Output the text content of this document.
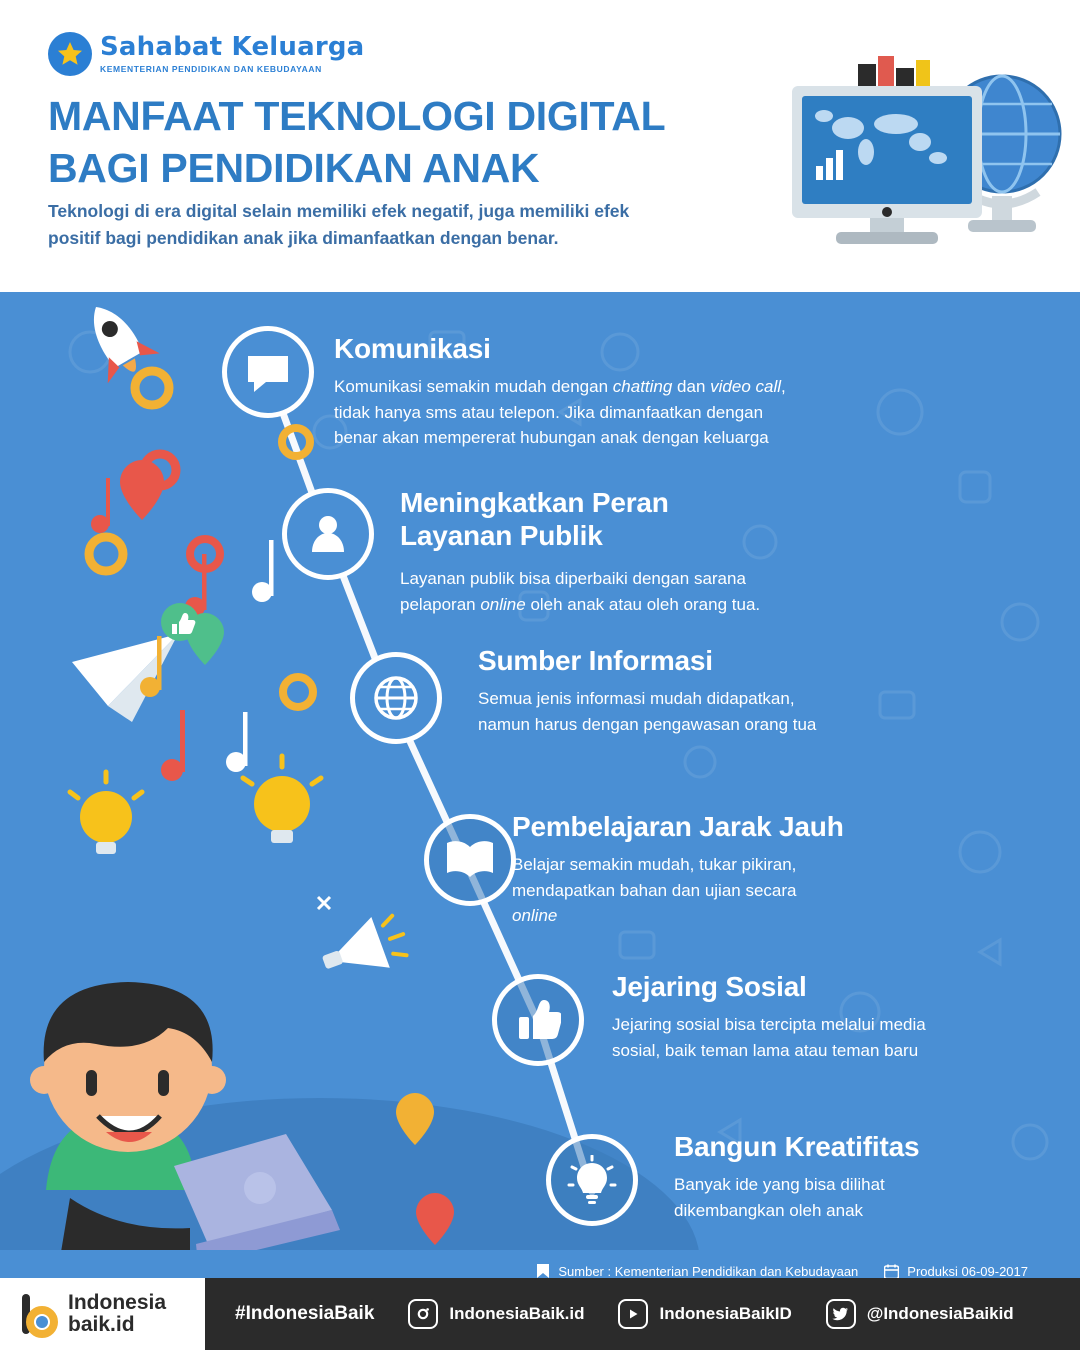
Sahabat Keluarga
KEMENTERIAN PENDIDIKAN DAN KEBUDAYAAN
MANFAAT TEKNOLOGI DIGITAL

BAGI PENDIDIKAN ANAK
Teknologi di era digital selain memiliki efek negatif, juga memiliki efek positif bagi pendidikan anak jika dimanfaatkan dengan benar.
Komunikasi
Komunikasi semakin mudah dengan chatting dan video call,
tidak hanya sms atau telepon. Jika dimanfaatkan dengan
benar akan mempererat hubungan anak dengan keluarga
Meningkatkan Peran
Layanan Publik
Layanan publik bisa diperbaiki dengan sarana
pelaporan online oleh anak atau oleh orang tua.
Sumber Informasi
Semua jenis informasi mudah didapatkan,
namun harus dengan pengawasan orang tua
Pembelajaran Jarak Jauh
Belajar semakin mudah, tukar pikiran,
mendapatkan bahan dan ujian secara
online
Jejaring Sosial
Jejaring sosial bisa tercipta melalui media
sosial, baik teman lama atau teman baru
Bangun Kreatifitas
Banyak ide yang bisa dilihat
dikembangkan oleh anak
Sumber : Kementerian Pendidikan dan Kebudayaan	Produksi 06-09-2017
Indonesia
baik.id	#IndonesiaBaik	IndonesiaBaik.id	IndonesiaBaikID	@IndonesiaBaikid
